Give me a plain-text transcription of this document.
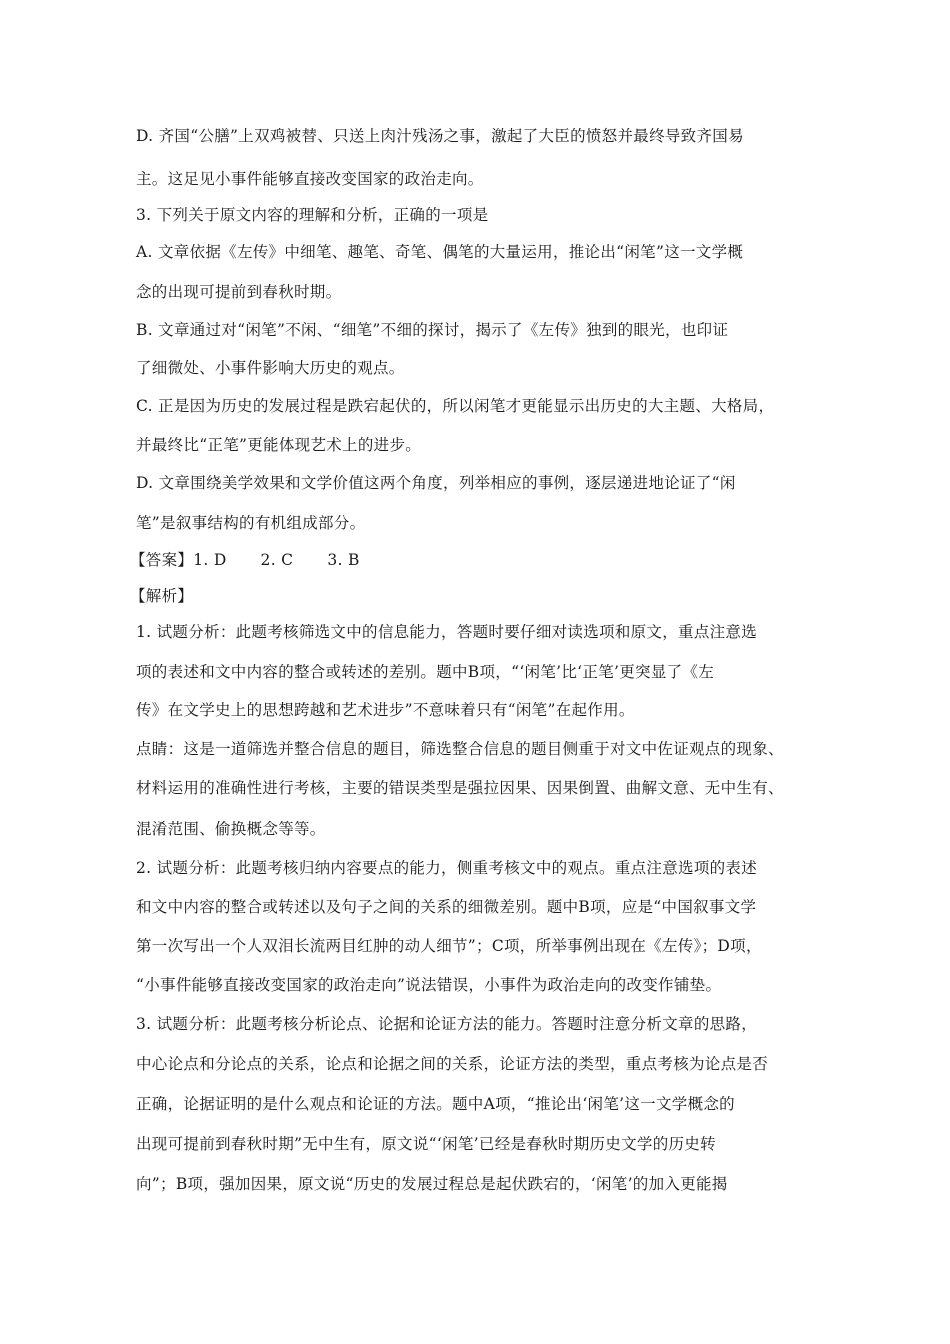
D. 齐国“公膳”上双鸡被替、只送上肉汁残汤之事，激起了大臣的愤怒并最终导致齐国易
主。这足见小事件能够直接改变国家的政治走向。
3. 下列关于原文内容的理解和分析，正确的一项是
A. 文章依据《左传》中细笔、趣笔、奇笔、偶笔的大量运用，推论出“闲笔”这一文学概
念的出现可提前到春秋时期。
B. 文章通过对“闲笔”不闲、“细笔”不细的探讨，揭示了《左传》独到的眼光，也印证
了细微处、小事件影响大历史的观点。
C. 正是因为历史的发展过程是跌宕起伏的，所以闲笔才更能显示出历史的大主题、大格局，
并最终比“正笔”更能体现艺术上的进步。
D. 文章围绕美学效果和文学价值这两个角度，列举相应的事例，逐层递进地论证了“闲
笔”是叙事结构的有机组成部分。
【答案】1. D 2. C 3. B
【解析】
1. 试题分析：此题考核筛选文中的信息能力，答题时要仔细对读选项和原文，重点注意选
项的表述和文中内容的整合或转述的差别。题中B项，“‘闲笔’比‘正笔’更突显了《左
传》在文学史上的思想跨越和艺术进步”不意味着只有“闲笔”在起作用。
点睛：这是一道筛选并整合信息的题目，筛选整合信息的题目侧重于对文中佐证观点的现象、
材料运用的准确性进行考核，主要的错误类型是强拉因果、因果倒置、曲解文意、无中生有、
混淆范围、偷换概念等等。
2. 试题分析：此题考核归纳内容要点的能力，侧重考核文中的观点。重点注意选项的表述
和文中内容的整合或转述以及句子之间的关系的细微差别。题中B项，应是“中国叙事文学
第一次写出一个人双泪长流两目红肿的动人细节”；C项，所举事例出现在《左传》；D项，
“小事件能够直接改变国家的政治走向”说法错误，小事件为政治走向的改变作铺垫。
3. 试题分析：此题考核分析论点、论据和论证方法的能力。答题时注意分析文章的思路，
中心论点和分论点的关系，论点和论据之间的关系，论证方法的类型，重点考核为论点是否
正确，论据证明的是什么观点和论证的方法。题中A项，“推论出‘闲笔’这一文学概念的
出现可提前到春秋时期”无中生有，原文说“‘闲笔’已经是春秋时期历史文学的历史转
向”；B项，强加因果，原文说“历史的发展过程总是起伏跌宕的，‘闲笔’的加入更能揭
